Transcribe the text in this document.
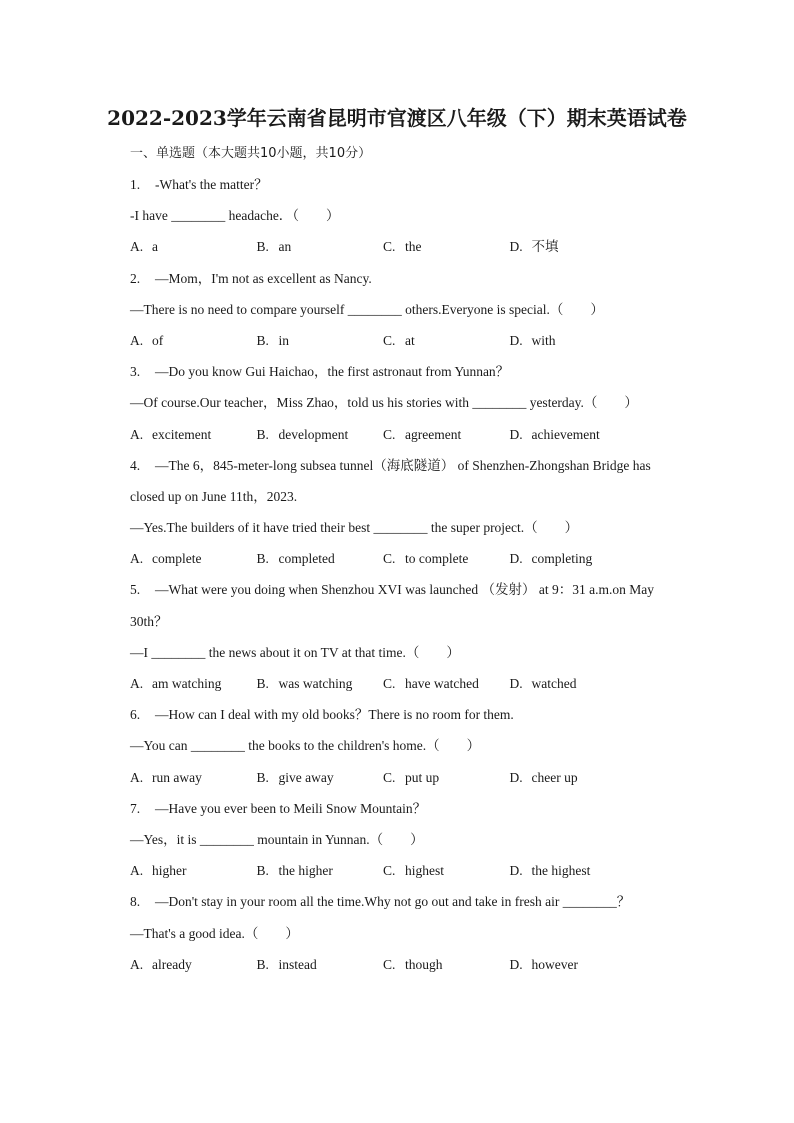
2022-2023学年云南省昆明市官渡区八年级（下）期末英语试卷
一、单选题（本大题共10小题，共10分）
1. -What's the matter？
-I have ________ headache．（　　）
A. a	B. an	C. the	D. 不填
2. —Mom，I'm not as excellent as Nancy.
—There is no need to compare yourself ________ others.Everyone is special.（　　）
A. of	B. in	C. at	D. with
3. —Do you know Gui Haichao，the first astronaut from Yunnan？
—Of course.Our teacher，Miss Zhao，told us his stories with ________ yesterday.（　　）
A. excitement	B. development	C. agreement	D. achievement
4. —The 6，845-meter-long subsea tunnel（海底隧道） of Shenzhen-Zhongshan Bridge has
closed up on June 11th，2023.
—Yes.The builders of it have tried their best ________ the super project.（　　）
A. complete	B. completed	C. to complete	D. completing
5. —What were you doing when Shenzhou XVI was launched （发射） at 9：31 a.m.on May
30th？
—I ________ the news about it on TV at that time.（　　）
A. am watching	B. was watching	C. have watched	D. watched
6. —How can I deal with my old books？There is no room for them.
—You can ________ the books to the children's home.（　　）
A. run away	B. give away	C. put up	D. cheer up
7. —Have you ever been to Meili Snow Mountain？
—Yes，it is ________ mountain in Yunnan.（　　）
A. higher	B. the higher	C. highest	D. the highest
8. —Don't stay in your room all the time.Why not go out and take in fresh air ________？
—That's a good idea.（　　）
A. already	B. instead	C. though	D. however
